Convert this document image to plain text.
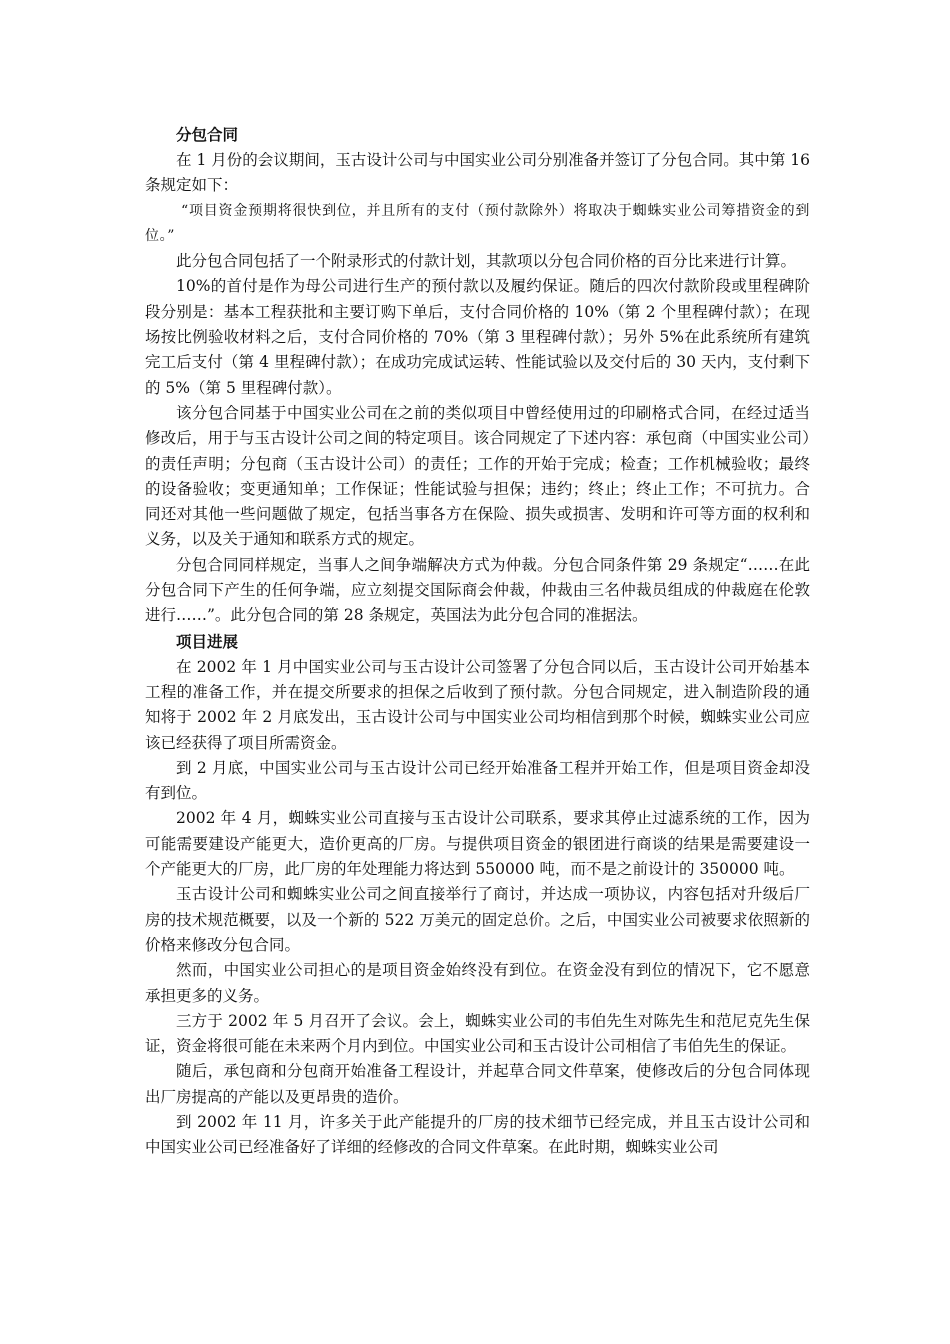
分包合同

在 1 月份的会议期间，玉古设计公司与中国实业公司分别准备并签订了分包合同。其中第 16 条规定如下：

“项目资金预期将很快到位，并且所有的支付（预付款除外）将取决于蜘蛛实业公司筹措资金的到位。”

此分包合同包括了一个附录形式的付款计划，其款项以分包合同价格的百分比来进行计算。

10%的首付是作为母公司进行生产的预付款以及履约保证。随后的四次付款阶段或里程碑阶段分别是：基本工程获批和主要订购下单后，支付合同价格的 10%（第 2 个里程碑付款）；在现场按比例验收材料之后，支付合同价格的 70%（第 3 里程碑付款）；另外 5%在此系统所有建筑完工后支付（第 4 里程碑付款）；在成功完成试运转、性能试验以及交付后的 30 天内，支付剩下的 5%（第 5 里程碑付款）。

该分包合同基于中国实业公司在之前的类似项目中曾经使用过的印刷格式合同，在经过适当修改后，用于与玉古设计公司之间的特定项目。该合同规定了下述内容：承包商（中国实业公司）的责任声明；分包商（玉古设计公司）的责任；工作的开始于完成；检查；工作机械验收；最终的设备验收；变更通知单；工作保证；性能试验与担保；违约；终止；终止工作；不可抗力。合同还对其他一些问题做了规定，包括当事各方在保险、损失或损害、发明和许可等方面的权利和义务，以及关于通知和联系方式的规定。

分包合同同样规定，当事人之间争端解决方式为仲裁。分包合同条件第 29 条规定“……在此分包合同下产生的任何争端，应立刻提交国际商会仲裁，仲裁由三名仲裁员组成的仲裁庭在伦敦进行……”。此分包合同的第 28 条规定，英国法为此分包合同的准据法。

项目进展

在 2002 年 1 月中国实业公司与玉古设计公司签署了分包合同以后，玉古设计公司开始基本工程的准备工作，并在提交所要求的担保之后收到了预付款。分包合同规定，进入制造阶段的通知将于 2002 年 2 月底发出，玉古设计公司与中国实业公司均相信到那个时候，蜘蛛实业公司应该已经获得了项目所需资金。

到 2 月底，中国实业公司与玉古设计公司已经开始准备工程并开始工作，但是项目资金却没有到位。

2002 年 4 月，蜘蛛实业公司直接与玉古设计公司联系，要求其停止过滤系统的工作，因为可能需要建设产能更大，造价更高的厂房。与提供项目资金的银团进行商谈的结果是需要建设一个产能更大的厂房，此厂房的年处理能力将达到 550000 吨，而不是之前设计的 350000 吨。

玉古设计公司和蜘蛛实业公司之间直接举行了商讨，并达成一项协议，内容包括对升级后厂房的技术规范概要，以及一个新的 522 万美元的固定总价。之后，中国实业公司被要求依照新的价格来修改分包合同。

然而，中国实业公司担心的是项目资金始终没有到位。在资金没有到位的情况下，它不愿意承担更多的义务。

三方于 2002 年 5 月召开了会议。会上，蜘蛛实业公司的韦伯先生对陈先生和范尼克先生保证，资金将很可能在未来两个月内到位。中国实业公司和玉古设计公司相信了韦伯先生的保证。

随后，承包商和分包商开始准备工程设计，并起草合同文件草案，使修改后的分包合同体现出厂房提高的产能以及更昂贵的造价。

到 2002 年 11 月，许多关于此产能提升的厂房的技术细节已经完成，并且玉古设计公司和中国实业公司已经准备好了详细的经修改的合同文件草案。在此时期，蜘蛛实业公司
